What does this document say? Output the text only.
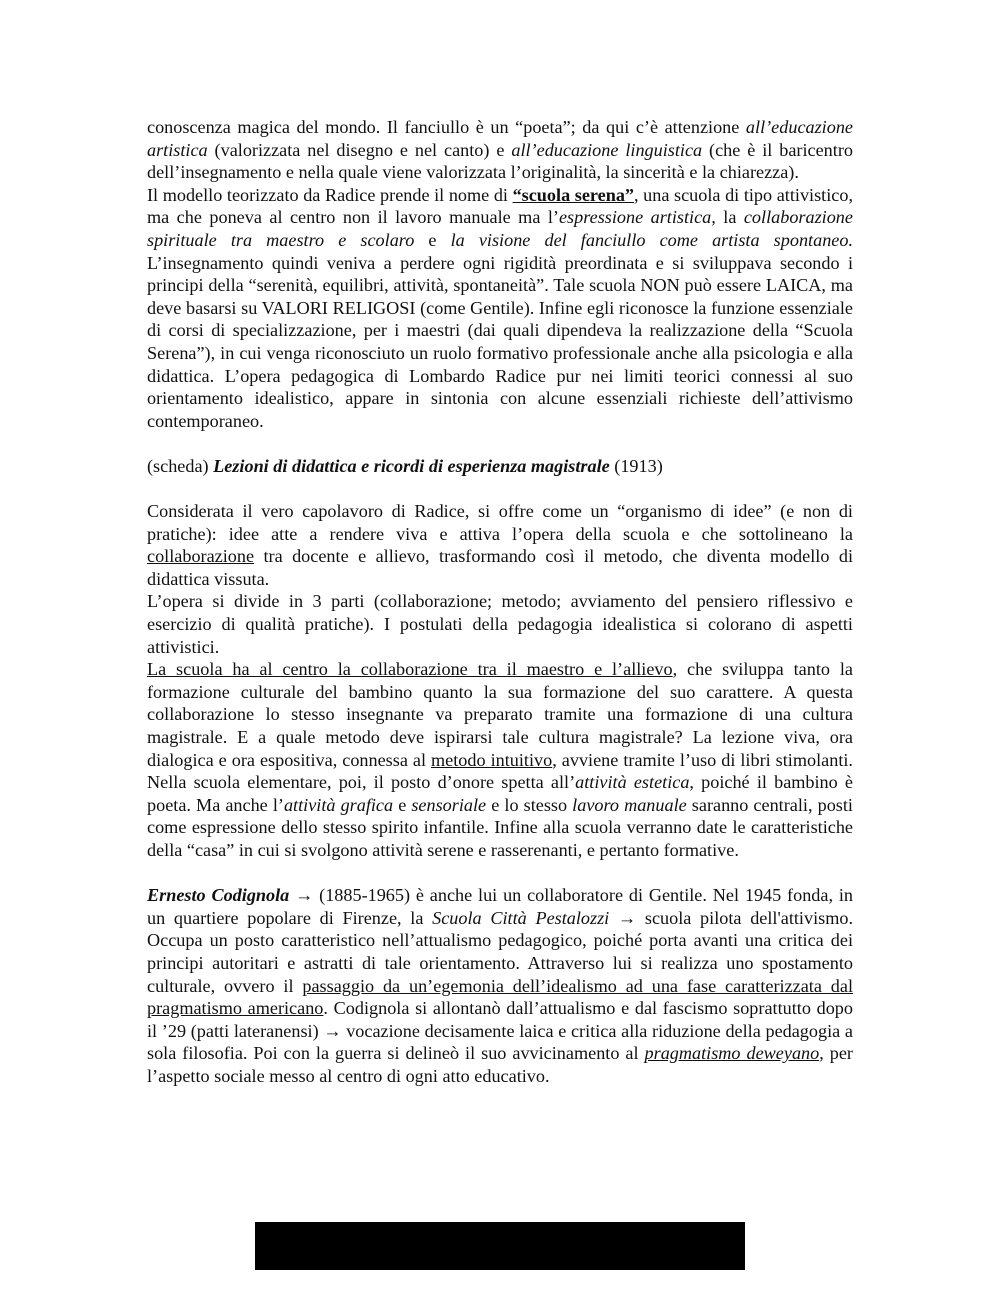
conoscenza magica del mondo. Il fanciullo è un “poeta”; da qui c’è attenzione all’educazione artistica (valorizzata nel disegno e nel canto) e all’educazione linguistica (che è il baricentro dell’insegnamento e nella quale viene valorizzata l’originalità, la sincerità e la chiarezza).

Il modello teorizzato da Radice prende il nome di “scuola serena”, una scuola di tipo attivistico, ma che poneva al centro non il lavoro manuale ma l’espressione artistica, la collaborazione spirituale tra maestro e scolaro e la visione del fanciullo come artista spontaneo. L’insegnamento quindi veniva a perdere ogni rigidità preordinata e si sviluppava secondo i principi della “serenità, equilibri, attività, spontaneità”. Tale scuola NON può essere LAICA, ma deve basarsi su VALORI RELIGOSI (come Gentile). Infine egli riconosce la funzione essenziale di corsi di specializzazione, per i maestri (dai quali dipendeva la realizzazione della “Scuola Serena”), in cui venga riconosciuto un ruolo formativo professionale anche alla psicologia e alla didattica. L’opera pedagogica di Lombardo Radice pur nei limiti teorici connessi al suo orientamento idealistico, appare in sintonia con alcune essenziali richieste dell’attivismo contemporaneo.

(scheda) Lezioni di didattica e ricordi di esperienza magistrale (1913)

Considerata il vero capolavoro di Radice, si offre come un “organismo di idee” (e non di pratiche): idee atte a rendere viva e attiva l’opera della scuola e che sottolineano la collaborazione tra docente e allievo, trasformando così il metodo, che diventa modello di didattica vissuta.

L’opera si divide in 3 parti (collaborazione; metodo; avviamento del pensiero riflessivo e esercizio di qualità pratiche). I postulati della pedagogia idealistica si colorano di aspetti attivistici.

La scuola ha al centro la collaborazione tra il maestro e l’allievo, che sviluppa tanto la formazione culturale del bambino quanto la sua formazione del suo carattere. A questa collaborazione lo stesso insegnante va preparato tramite una formazione di una cultura magistrale. E a quale metodo deve ispirarsi tale cultura magistrale? La lezione viva, ora dialogica e ora espositiva, connessa al metodo intuitivo, avviene tramite l’uso di libri stimolanti. Nella scuola elementare, poi, il posto d’onore spetta all’attività estetica, poiché il bambino è poeta. Ma anche l’attività grafica e sensoriale e lo stesso lavoro manuale saranno centrali, posti come espressione dello stesso spirito infantile. Infine alla scuola verranno date le caratteristiche della “casa” in cui si svolgono attività serene e rasserenanti, e pertanto formative.

Ernesto Codignola → (1885-1965) è anche lui un collaboratore di Gentile. Nel 1945 fonda, in un quartiere popolare di Firenze, la Scuola Città Pestalozzi → scuola pilota dell'attivismo. Occupa un posto caratteristico nell’attualismo pedagogico, poiché porta avanti una critica dei principi autoritari e astratti di tale orientamento. Attraverso lui si realizza uno spostamento culturale, ovvero il passaggio da un’egemonia dell’idealismo ad una fase caratterizzata dal pragmatismo americano. Codignola si allontanò dall’attualismo e dal fascismo soprattutto dopo il ’29 (patti lateranensi) → vocazione decisamente laica e critica alla riduzione della pedagogia a sola filosofia. Poi con la guerra si delineò il suo avvicinamento al pragmatismo deweyano, per l’aspetto sociale messo al centro di ogni atto educativo.
